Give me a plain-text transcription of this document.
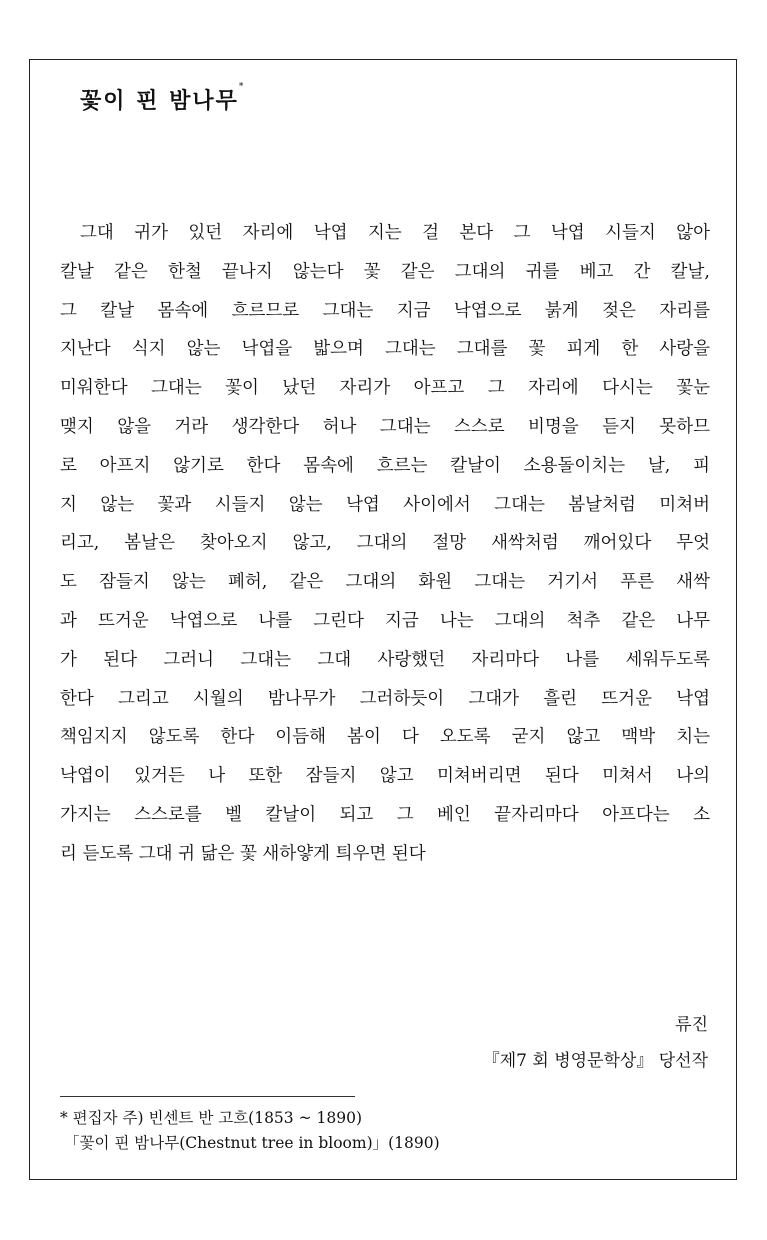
꽃이 핀 밤나무*
그대 귀가 있던 자리에 낙엽 지는 걸 본다 그 낙엽 시들지 않아
칼날 같은 한철 끝나지 않는다 꽃 같은 그대의 귀를 베고 간 칼날,
그 칼날 몸속에 흐르므로 그대는 지금 낙엽으로 붉게 젖은 자리를
지난다 식지 않는 낙엽을 밟으며 그대는 그대를 꽃 피게 한 사랑을
미워한다 그대는 꽃이 났던 자리가 아프고 그 자리에 다시는 꽃눈
맺지 않을 거라 생각한다 허나 그대는 스스로 비명을 듣지 못하므
로 아프지 않기로 한다 몸속에 흐르는 칼날이 소용돌이치는 날, 피
지 않는 꽃과 시들지 않는 낙엽 사이에서 그대는 봄날처럼 미쳐버
리고, 봄날은 찾아오지 않고, 그대의 절망 새싹처럼 깨어있다 무엇
도 잠들지 않는 폐허, 같은 그대의 화원 그대는 거기서 푸른 새싹
과 뜨거운 낙엽으로 나를 그린다 지금 나는 그대의 척추 같은 나무
가 된다 그러니 그대는 그대 사랑했던 자리마다 나를 세워두도록
한다 그리고 시월의 밤나무가 그러하듯이 그대가 흘린 뜨거운 낙엽
책임지지 않도록 한다 이듬해 봄이 다 오도록 굳지 않고 맥박 치는
낙엽이 있거든 나 또한 잠들지 않고 미쳐버리면 된다 미쳐서 나의
가지는 스스로를 벨 칼날이 되고 그 베인 끝자리마다 아프다는 소
리 듣도록 그대 귀 닮은 꽃 새하얗게 틔우면 된다
류진
『제7 회 병영문학상』 당선작
* 편집자 주) 빈센트 반 고흐(1853 ~ 1890)
「꽃이 핀 밤나무(Chestnut tree in bloom)」(1890)
